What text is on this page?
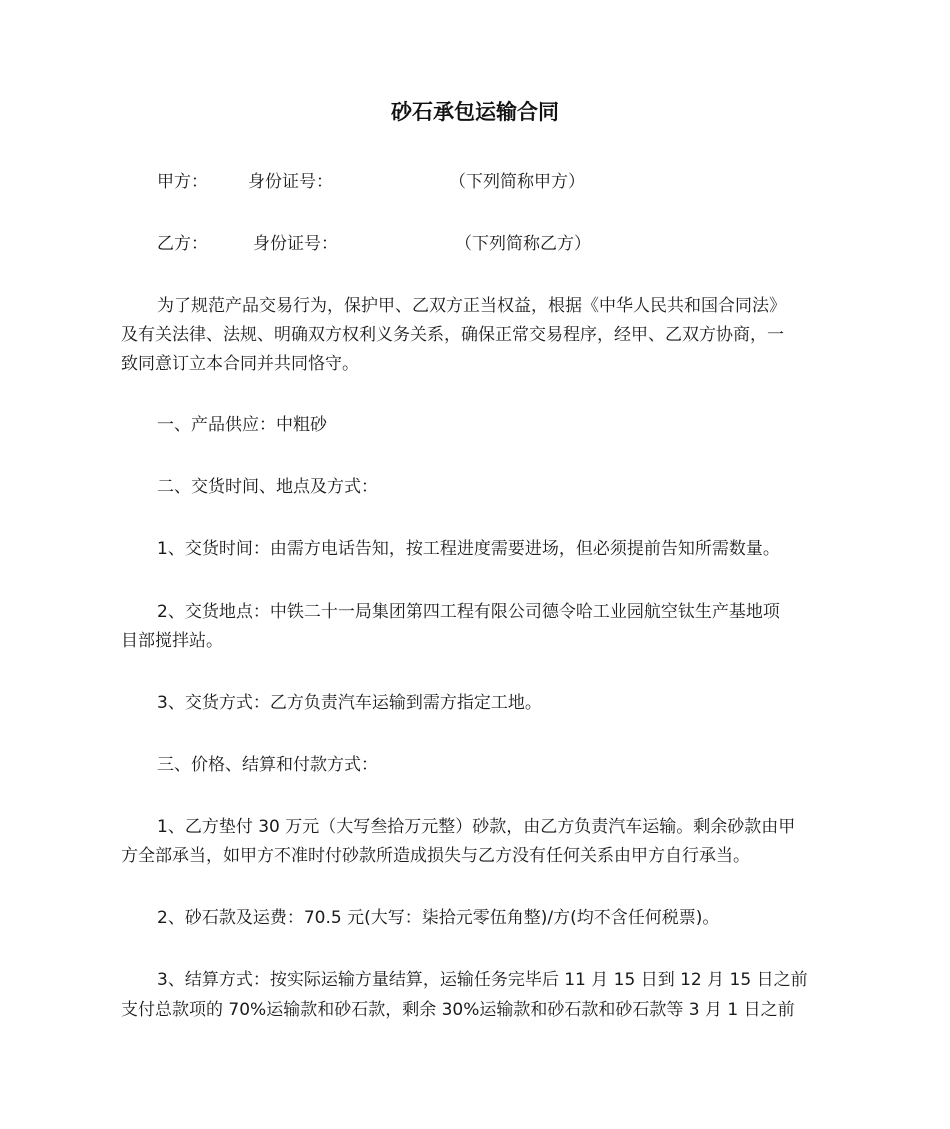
砂石承包运输合同
甲方： 身份证号：	（下列简称甲方）
乙方：	身份证号：	（下列简称乙方）
为了规范产品交易行为，保护甲、乙双方正当权益，根据《中华人民共和国合同法》
及有关法律、法规、明确双方权利义务关系，确保正常交易程序，经甲、乙双方协商，一
致同意订立本合同并共同恪守。
一、产品供应：中粗砂
二、交货时间、地点及方式：
1、交货时间：由需方电话告知，按工程进度需要进场，但必须提前告知所需数量。
2、交货地点：中铁二十一局集团第四工程有限公司德令哈工业园航空钛生产基地项
目部搅拌站。
3、交货方式：乙方负责汽车运输到需方指定工地。
三、价格、结算和付款方式：
1、乙方垫付 30 万元（大写叁拾万元整）砂款，由乙方负责汽车运输。剩余砂款由甲
方全部承当，如甲方不准时付砂款所造成损失与乙方没有任何关系由甲方自行承当。
2、砂石款及运费：70.5 元(大写：柒拾元零伍角整)/方(均不含任何税票)。
3、结算方式：按实际运输方量结算，运输任务完毕后 11 月 15 日到 12 月 15 日之前
支付总款项的 70%运输款和砂石款，剩余 30%运输款和砂石款和砂石款等 3 月 1 日之前
